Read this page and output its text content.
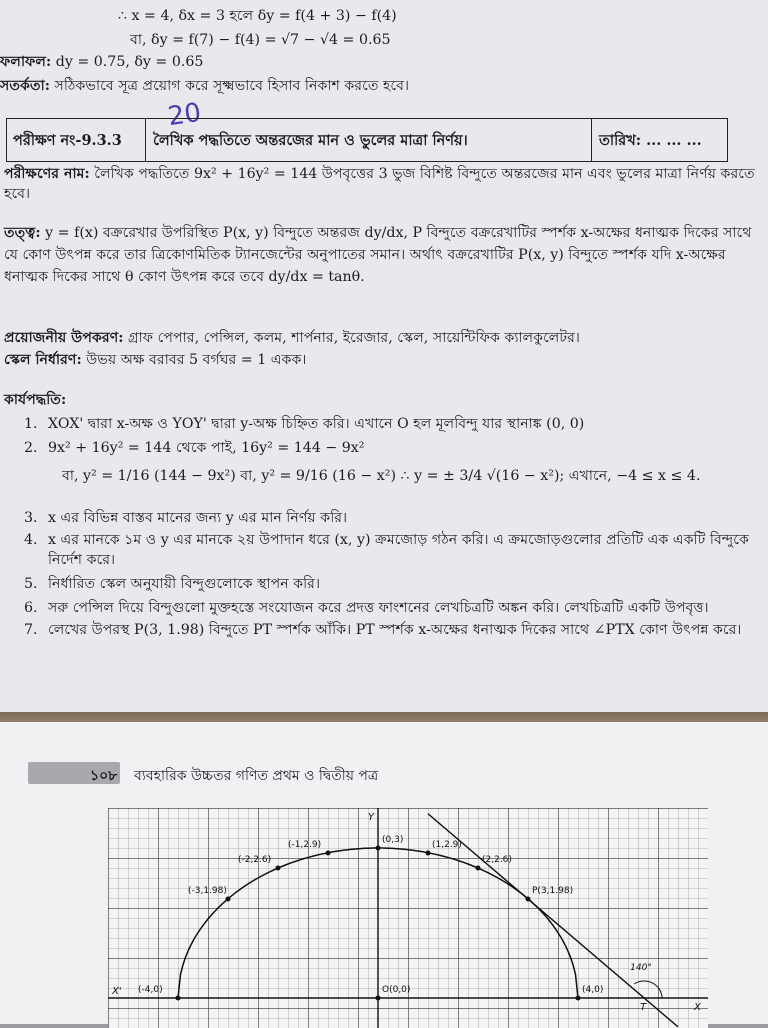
∴ x = 4, δx = 3 হলে δy = f(4 + 3) − f(4)
বা, δy = f(7) − f(4) = √7 − √4 = 0.65
ফলাফল: dy = 0.75, δy = 0.65
সতর্কতা: সঠিকভাবে সূত্র প্রয়োগ করে সূক্ষ্মভাবে হিসাব নিকাশ করতে হবে।
20
পরীক্ষণ নং-9.3.3 লৈখিক পদ্ধতিতে অন্তরজের মান ও ভুলের মাত্রা নির্ণয়।	তারিখ: ... ... ...
পরীক্ষণের নাম: লৈখিক পদ্ধতিতে 9x² + 16y² = 144 উপবৃত্তের 3 ভুজ বিশিষ্ট বিন্দুতে অন্তরজের মান এবং ভুলের মাত্রা নির্ণয় করতে হবে।
তত্ত্ব: y = f(x) বক্ররেখার উপরিস্থিত P(x, y) বিন্দুতে অন্তরজ dy/dx, P বিন্দুতে বক্ররেখাটির স্পর্শক x-অক্ষের ধনাত্মক দিকের সাথে যে কোণ উৎপন্ন করে তার ত্রিকোণমিতিক ট্যানজেন্টের অনুপাতের সমান। অর্থাৎ বক্ররেখাটির P(x, y) বিন্দুতে স্পর্শক যদি x-অক্ষের ধনাত্মক দিকের সাথে θ কোণ উৎপন্ন করে তবে dy/dx = tanθ.
প্রয়োজনীয় উপকরণ: গ্রাফ পেপার, পেন্সিল, কলম, শার্পনার, ইরেজার, স্কেল, সায়েন্টিফিক ক্যালকুলেটর।
স্কেল নির্ধারণ: উভয় অক্ষ বরাবর 5 বর্গঘর = 1 একক।
কার্যপদ্ধতি:
1. XOX' দ্বারা x-অক্ষ ও YOY' দ্বারা y-অক্ষ চিহ্নিত করি। এখানে O হল মূলবিন্দু যার স্থানাঙ্ক (0, 0)
2. 9x² + 16y² = 144 থেকে পাই, 16y² = 144 − 9x²
বা, y² = 1/16 (144 − 9x²) বা, y² = 9/16 (16 − x²) ∴ y = ± 3/4 √(16 − x²); এখানে, −4 ≤ x ≤ 4.
3. x এর বিভিন্ন বাস্তব মানের জন্য y এর মান নির্ণয় করি।
4. x এর মানকে ১ম ও y এর মানকে ২য় উপাদান ধরে (x, y) ক্রমজোড় গঠন করি। এ ক্রমজোড়গুলোর প্রতিটি এক একটি বিন্দুকে নির্দেশ করে।
5. নির্ধারিত স্কেল অনুযায়ী বিন্দুগুলোকে স্থাপন করি।
6. সরু পেন্সিল দিয়ে বিন্দুগুলো মুক্তহস্তে সংযোজন করে প্রদত্ত ফাংশনের লেখচিত্রটি অঙ্কন করি। লেখচিত্রটি একটি উপবৃত্ত।
7. লেখের উপরস্থ P(3, 1.98) বিন্দুতে PT স্পর্শক আঁকি। PT স্পর্শক x-অক্ষের ধনাত্মক দিকের সাথে ∠PTX কোণ উৎপন্ন করে।
১০৮ ব্যবহারিক উচ্চতর গণিত প্রথম ও দ্বিতীয় পত্র
(-1,2.9)
(-2,2.6)
(-3,1.98)
(0,3)	(1,2.9)
(2,2.6)
P(3,1.98)
(-4,0)	O(0,0)	(4,0)
Y
X'
X
T
140°
